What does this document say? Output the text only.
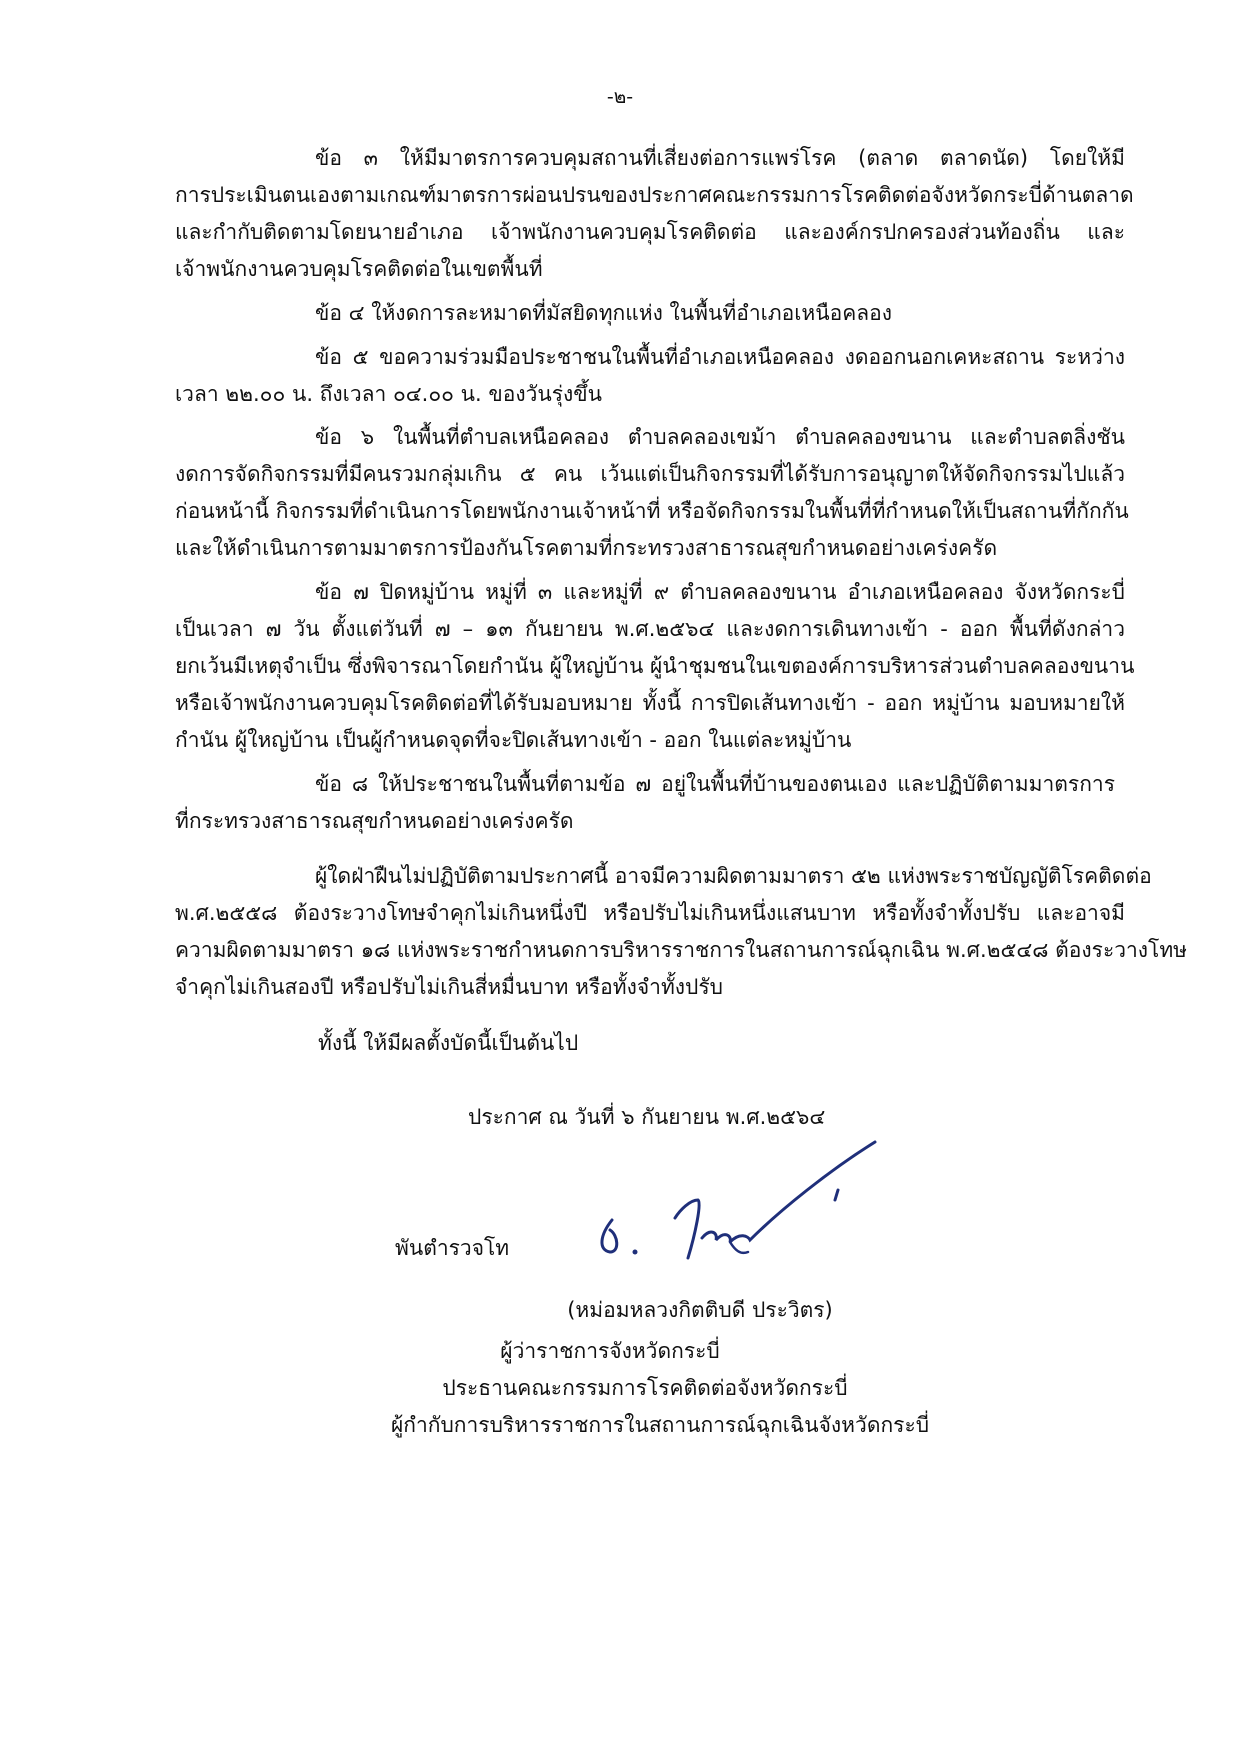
-๒-
ข้อ ๓ ให้มีมาตรการควบคุมสถานที่เสี่ยงต่อการแพร่โรค (ตลาด ตลาดนัด) โดยให้มี
การประเมินตนเองตามเกณฑ์มาตรการผ่อนปรนของประกาศคณะกรรมการโรคติดต่อจังหวัดกระบี่ด้านตลาด
และกำกับติดตามโดยนายอำเภอ เจ้าพนักงานควบคุมโรคติดต่อ และองค์กรปกครองส่วนท้องถิ่น และ
เจ้าพนักงานควบคุมโรคติดต่อในเขตพื้นที่
ข้อ ๔ ให้งดการละหมาดที่มัสยิดทุกแห่ง ในพื้นที่อำเภอเหนือคลอง
ข้อ ๕ ขอความร่วมมือประชาชนในพื้นที่อำเภอเหนือคลอง งดออกนอกเคหะสถาน ระหว่าง
เวลา ๒๒.๐๐ น. ถึงเวลา ๐๔.๐๐ น. ของวันรุ่งขึ้น
ข้อ ๖ ในพื้นที่ตำบลเหนือคลอง ตำบลคลองเขม้า ตำบลคลองขนาน และตำบลตลิ่งชัน
งดการจัดกิจกรรมที่มีคนรวมกลุ่มเกิน ๕ คน เว้นแต่เป็นกิจกรรมที่ได้รับการอนุญาตให้จัดกิจกรรมไปแล้ว
ก่อนหน้านี้ กิจกรรมที่ดำเนินการโดยพนักงานเจ้าหน้าที่ หรือจัดกิจกรรมในพื้นที่ที่กำหนดให้เป็นสถานที่กักกัน
และให้ดำเนินการตามมาตรการป้องกันโรคตามที่กระทรวงสาธารณสุขกำหนดอย่างเคร่งครัด
ข้อ ๗ ปิดหมู่บ้าน หมู่ที่ ๓ และหมู่ที่ ๙ ตำบลคลองขนาน อำเภอเหนือคลอง จังหวัดกระบี่
เป็นเวลา ๗ วัน ตั้งแต่วันที่ ๗ – ๑๓ กันยายน พ.ศ.๒๕๖๔ และงดการเดินทางเข้า - ออก พื้นที่ดังกล่าว
ยกเว้นมีเหตุจำเป็น ซึ่งพิจารณาโดยกำนัน ผู้ใหญ่บ้าน ผู้นำชุมชนในเขตองค์การบริหารส่วนตำบลคลองขนาน
หรือเจ้าพนักงานควบคุมโรคติดต่อที่ได้รับมอบหมาย ทั้งนี้ การปิดเส้นทางเข้า - ออก หมู่บ้าน มอบหมายให้
กำนัน ผู้ใหญ่บ้าน เป็นผู้กำหนดจุดที่จะปิดเส้นทางเข้า - ออก ในแต่ละหมู่บ้าน
ข้อ ๘ ให้ประชาชนในพื้นที่ตามข้อ ๗ อยู่ในพื้นที่บ้านของตนเอง และปฏิบัติตามมาตรการ
ที่กระทรวงสาธารณสุขกำหนดอย่างเคร่งครัด
ผู้ใดฝ่าฝืนไม่ปฏิบัติตามประกาศนี้ อาจมีความผิดตามมาตรา ๕๒ แห่งพระราชบัญญัติโรคติดต่อ
พ.ศ.๒๕๕๘ ต้องระวางโทษจำคุกไม่เกินหนึ่งปี หรือปรับไม่เกินหนึ่งแสนบาท หรือทั้งจำทั้งปรับ และอาจมี
ความผิดตามมาตรา ๑๘ แห่งพระราชกำหนดการบริหารราชการในสถานการณ์ฉุกเฉิน พ.ศ.๒๕๔๘ ต้องระวางโทษ
จำคุกไม่เกินสองปี หรือปรับไม่เกินสี่หมื่นบาท หรือทั้งจำทั้งปรับ
ทั้งนี้ ให้มีผลตั้งบัดนี้เป็นต้นไป
ประกาศ ณ วันที่ ๖ กันยายน พ.ศ.๒๕๖๔
พันตำรวจโท
(หม่อมหลวงกิตติบดี ประวิตร)
ผู้ว่าราชการจังหวัดกระบี่
ประธานคณะกรรมการโรคติดต่อจังหวัดกระบี่
ผู้กำกับการบริหารราชการในสถานการณ์ฉุกเฉินจังหวัดกระบี่
